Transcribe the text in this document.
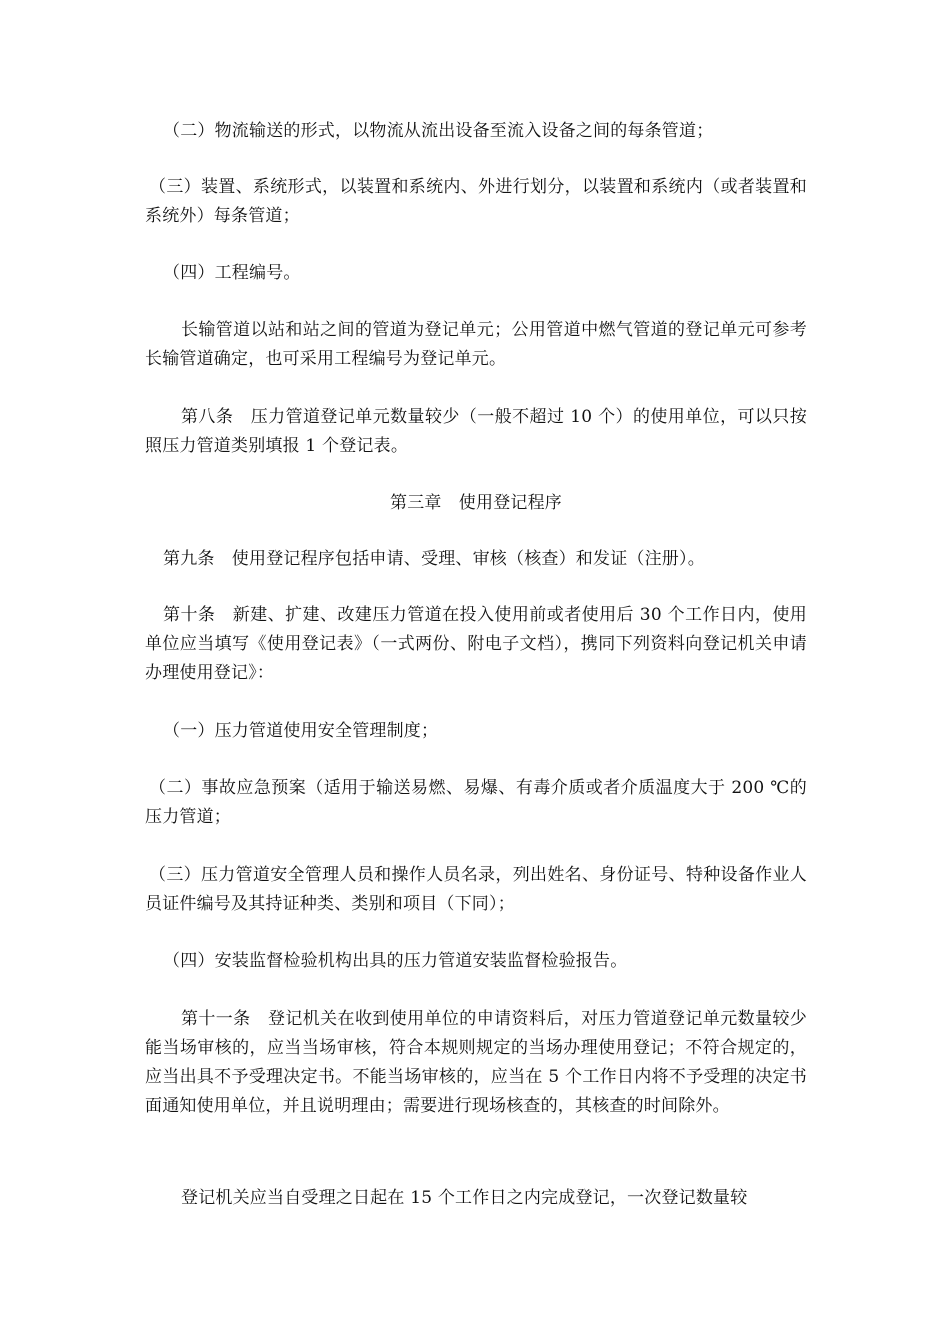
（二）物流输送的形式，以物流从流出设备至流入设备之间的每条管道；

（三）装置、系统形式，以装置和系统内、外进行划分，以装置和系统内（或者装置和系统外）每条管道；

（四）工程编号。

长输管道以站和站之间的管道为登记单元；公用管道中燃气管道的登记单元可参考长输管道确定，也可采用工程编号为登记单元。

第八条　压力管道登记单元数量较少（一般不超过 10 个）的使用单位，可以只按照压力管道类别填报 1 个登记表。

第三章　使用登记程序

第九条　使用登记程序包括申请、受理、审核（核查）和发证（注册）。

第十条　新建、扩建、改建压力管道在投入使用前或者使用后 30 个工作日内，使用单位应当填写《使用登记表》（一式两份、附电子文档），携同下列资料向登记机关申请办理使用登记》：

（一）压力管道使用安全管理制度；

（二）事故应急预案（适用于输送易燃、易爆、有毒介质或者介质温度大于 200 ℃的压力管道；

（三）压力管道安全管理人员和操作人员名录，列出姓名、身份证号、特种设备作业人员证件编号及其持证种类、类别和项目（下同）；

（四）安装监督检验机构出具的压力管道安装监督检验报告。

第十一条　登记机关在收到使用单位的申请资料后，对压力管道登记单元数量较少能当场审核的，应当当场审核，符合本规则规定的当场办理使用登记；不符合规定的，应当出具不予受理决定书。不能当场审核的，应当在 5 个工作日内将不予受理的决定书面通知使用单位，并且说明理由；需要进行现场核查的，其核查的时间除外。

登记机关应当自受理之日起在 15 个工作日之内完成登记，一次登记数量较
